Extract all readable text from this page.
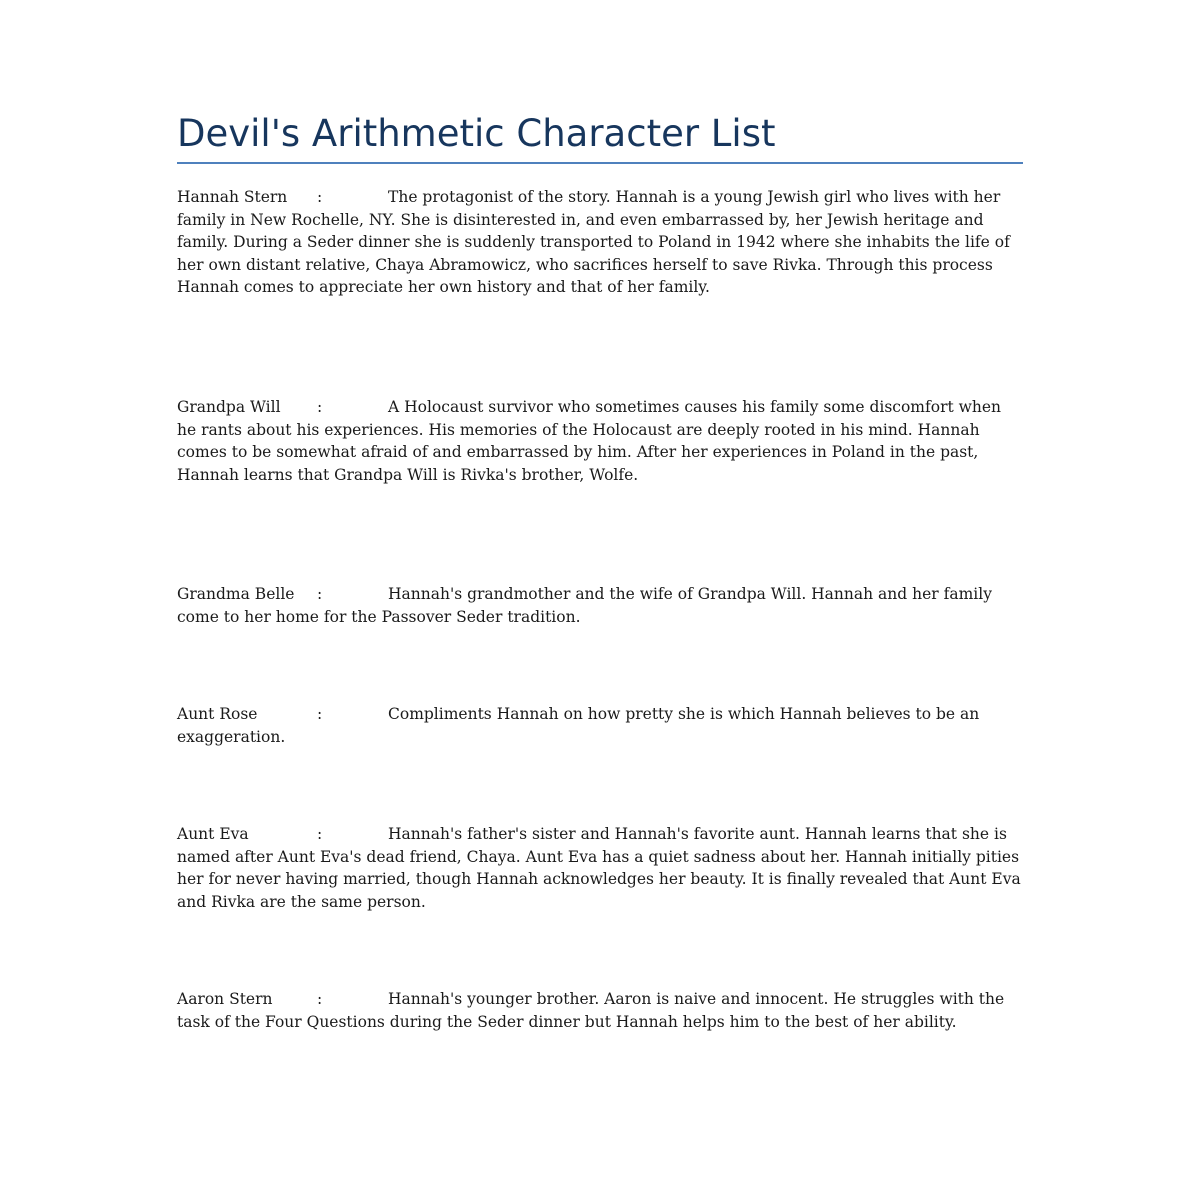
Devil's Arithmetic Character List

Hannah Stern :	The protagonist of the story. Hannah is a young Jewish girl who lives with her family in New Rochelle, NY. She is disinterested in, and even embarrassed by, her Jewish heritage and family. During a Seder dinner she is suddenly transported to Poland in 1942 where she inhabits the life of her own distant relative, Chaya Abramowicz, who sacrifices herself to save Rivka. Through this process Hannah comes to appreciate her own history and that of her family.

Grandpa Will :	A Holocaust survivor who sometimes causes his family some discomfort when he rants about his experiences. His memories of the Holocaust are deeply rooted in his mind. Hannah comes to be somewhat afraid of and embarrassed by him. After her experiences in Poland in the past, Hannah learns that Grandpa Will is Rivka's brother, Wolfe.

Grandma Belle :	Hannah's grandmother and the wife of Grandpa Will. Hannah and her family come to her home for the Passover Seder tradition.

Aunt Rose	:	Compliments Hannah on how pretty she is which Hannah believes to be an exaggeration.

Aunt Eva	:	Hannah's father's sister and Hannah's favorite aunt. Hannah learns that she is named after Aunt Eva's dead friend, Chaya. Aunt Eva has a quiet sadness about her. Hannah initially pities her for never having married, though Hannah acknowledges her beauty. It is finally revealed that Aunt Eva and Rivka are the same person.

Aaron Stern	:	Hannah's younger brother. Aaron is naive and innocent. He struggles with the task of the Four Questions during the Seder dinner but Hannah helps him to the best of her ability.
